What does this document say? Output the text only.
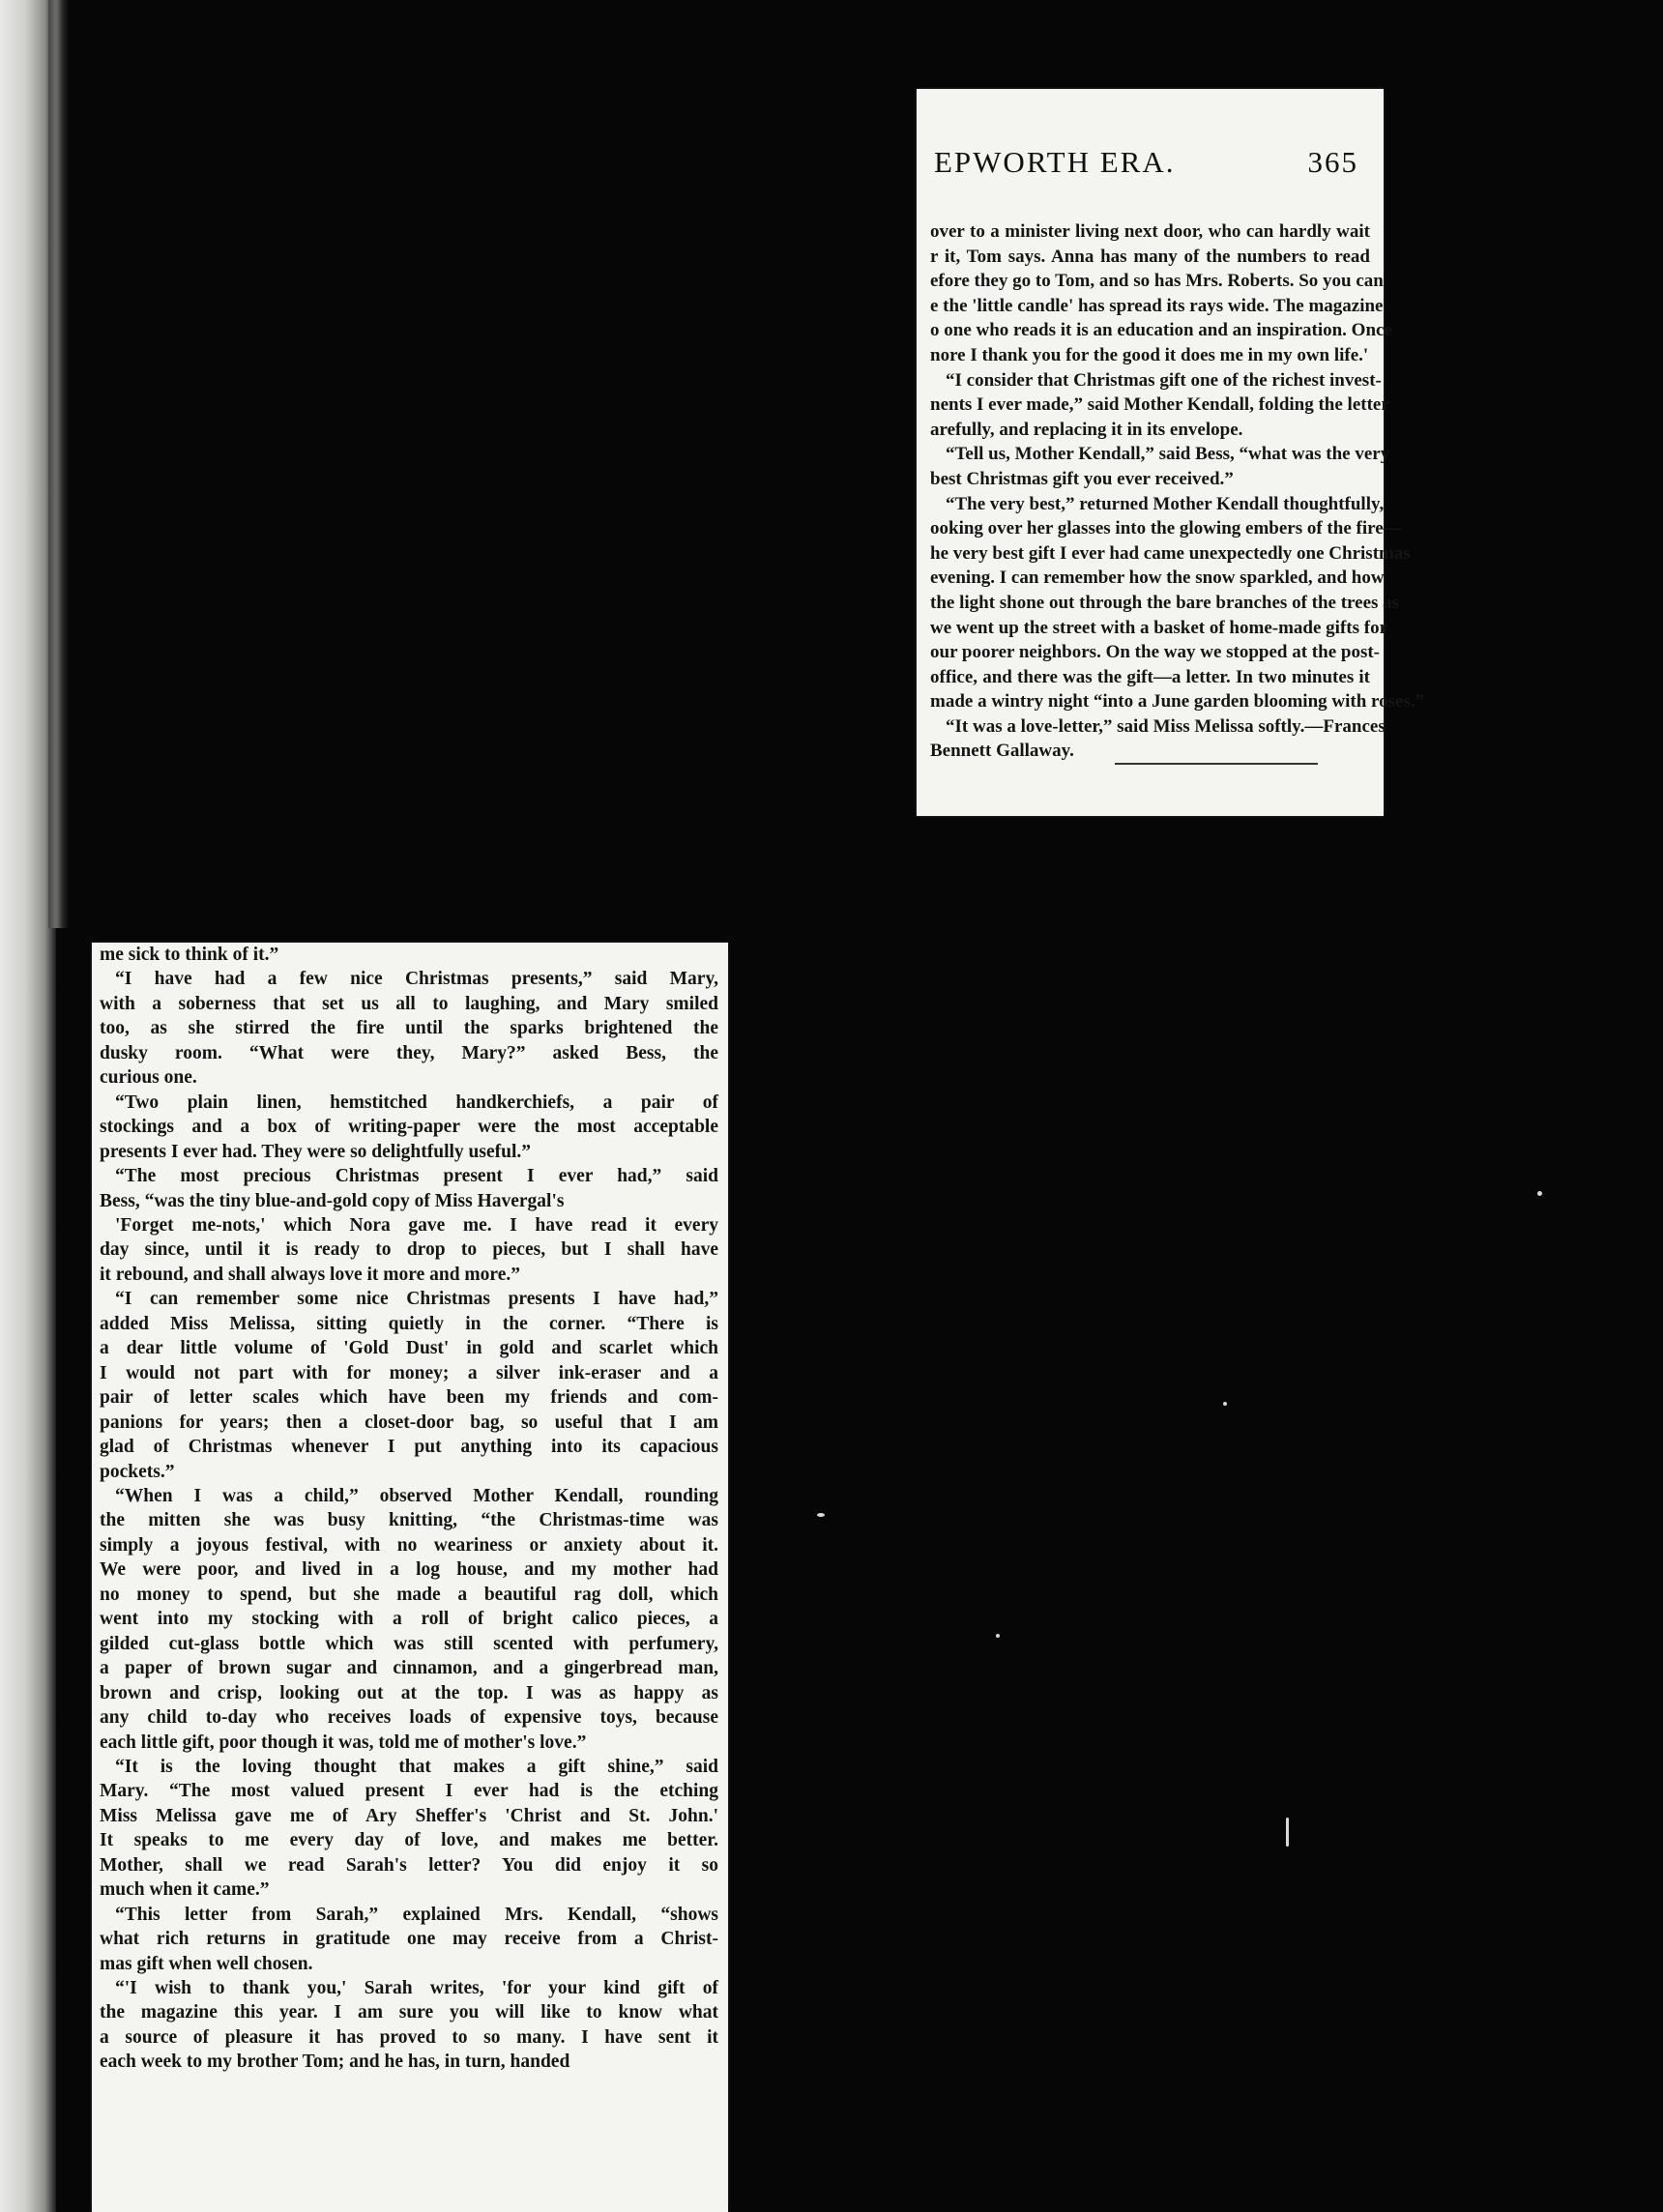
EPWORTH ERA.	365
over to a minister living next door, who can hardly wait
r it, Tom says. Anna has many of the numbers to read
efore they go to Tom, and so has Mrs. Roberts. So you can
e the 'little candle' has spread its rays wide. The magazine
o one who reads it is an education and an inspiration. Once
nore I thank you for the good it does me in my own life.'
“I consider that Christmas gift one of the richest invest-
nents I ever made,” said Mother Kendall, folding the letter
arefully, and replacing it in its envelope.
“Tell us, Mother Kendall,” said Bess, “what was the very
best Christmas gift you ever received.”
“The very best,” returned Mother Kendall thoughtfully,
ooking over her glasses into the glowing embers of the fire—
he very best gift I ever had came unexpectedly one Christmas
evening. I can remember how the snow sparkled, and how
the light shone out through the bare branches of the trees as
we went up the street with a basket of home-made gifts for
our poorer neighbors. On the way we stopped at the post-
office, and there was the gift—a letter. In two minutes it
made a wintry night “into a June garden blooming with roses.”
“It was a love-letter,” said Miss Melissa softly.—Frances
Bennett Gallaway.
me sick to think of it.”
“I have had a few nice Christmas presents,” said Mary,
with a soberness that set us all to laughing, and Mary smiled
too, as she stirred the fire until the sparks brightened the
dusky room. “What were they, Mary?” asked Bess, the
curious one.
“Two plain linen, hemstitched handkerchiefs, a pair of
stockings and a box of writing-paper were the most acceptable
presents I ever had. They were so delightfully useful.”
“The most precious Christmas present I ever had,” said
Bess, “was the tiny blue-and-gold copy of Miss Havergal's
'Forget me-nots,' which Nora gave me. I have read it every
day since, until it is ready to drop to pieces, but I shall have
it rebound, and shall always love it more and more.”
“I can remember some nice Christmas presents I have had,”
added Miss Melissa, sitting quietly in the corner. “There is
a dear little volume of 'Gold Dust' in gold and scarlet which
I would not part with for money; a silver ink-eraser and a
pair of letter scales which have been my friends and com-
panions for years; then a closet-door bag, so useful that I am
glad of Christmas whenever I put anything into its capacious
pockets.”
“When I was a child,” observed Mother Kendall, rounding
the mitten she was busy knitting, “the Christmas-time was
simply a joyous festival, with no weariness or anxiety about it.
We were poor, and lived in a log house, and my mother had
no money to spend, but she made a beautiful rag doll, which
went into my stocking with a roll of bright calico pieces, a
gilded cut-glass bottle which was still scented with perfumery,
a paper of brown sugar and cinnamon, and a gingerbread man,
brown and crisp, looking out at the top. I was as happy as
any child to-day who receives loads of expensive toys, because
each little gift, poor though it was, told me of mother's love.”
“It is the loving thought that makes a gift shine,” said
Mary. “The most valued present I ever had is the etching
Miss Melissa gave me of Ary Sheffer's 'Christ and St. John.'
It speaks to me every day of love, and makes me better.
Mother, shall we read Sarah's letter? You did enjoy it so
much when it came.”
“This letter from Sarah,” explained Mrs. Kendall, “shows
what rich returns in gratitude one may receive from a Christ-
mas gift when well chosen.
“'I wish to thank you,' Sarah writes, 'for your kind gift of
the magazine this year. I am sure you will like to know what
a source of pleasure it has proved to so many. I have sent it
each week to my brother Tom; and he has, in turn, handed
